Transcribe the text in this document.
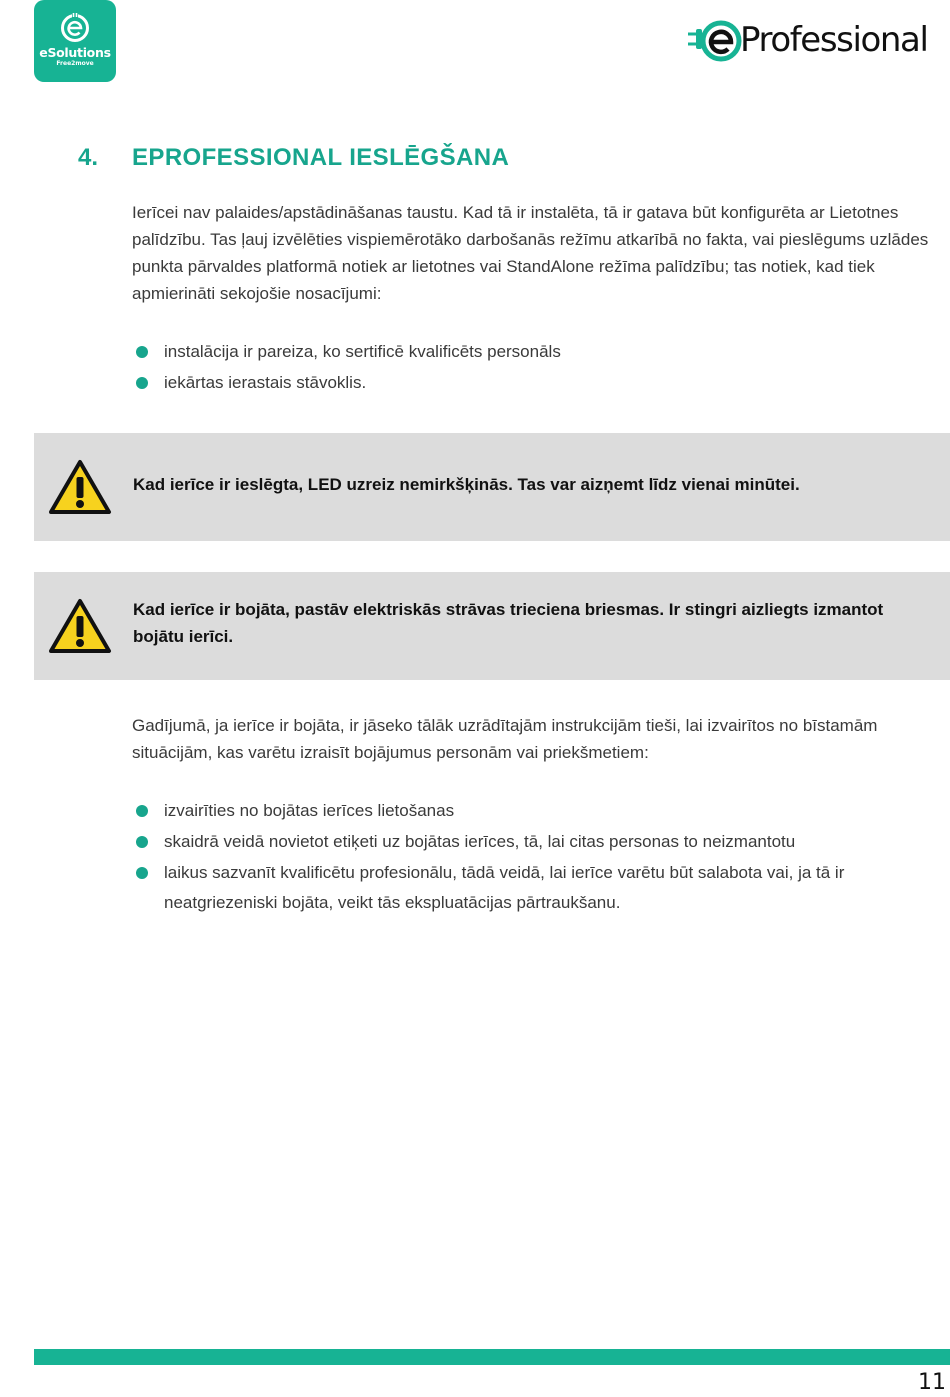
eSolutions
Free2move
Professional
4. EPROFESSIONAL IESLĒGŠANA

Ierīcei nav palaides/apstādināšanas taustu. Kad tā ir instalēta, tā ir gatava būt konfigurēta ar Lietotnes palīdzību. Tas ļauj izvēlēties vispiemērotāko darbošanās režīmu atkarībā no fakta, vai pieslēgums uzlādes punkta pārvaldes platformā notiek ar lietotnes vai StandAlone režīma palīdzību; tas notiek, kad tiek apmierināti sekojošie nosacījumi:

instalācija ir pareiza, ko sertificē kvalificēts personāls
iekārtas ierastais stāvoklis.
Kad ierīce ir ieslēgta, LED uzreiz nemirkšķinās. Tas var aizņemt līdz vienai minūtei.
Kad ierīce ir bojāta, pastāv elektriskās strāvas trieciena briesmas. Ir stingri aizliegts izmantot bojātu ierīci.

Gadījumā, ja ierīce ir bojāta, ir jāseko tālāk uzrādītajām instrukcijām tieši, lai izvairītos no bīstamām situācijām, kas varētu izraisīt bojājumus personām vai priekšmetiem:

izvairīties no bojātas ierīces lietošanas
skaidrā veidā novietot etiķeti uz bojātas ierīces, tā, lai citas personas to neizmantotu
laikus sazvanīt kvalificētu profesionālu, tādā veidā, lai ierīce varētu būt salabota vai, ja tā ir neatgriezeniski bojāta, veikt tās ekspluatācijas pārtraukšanu.
11
